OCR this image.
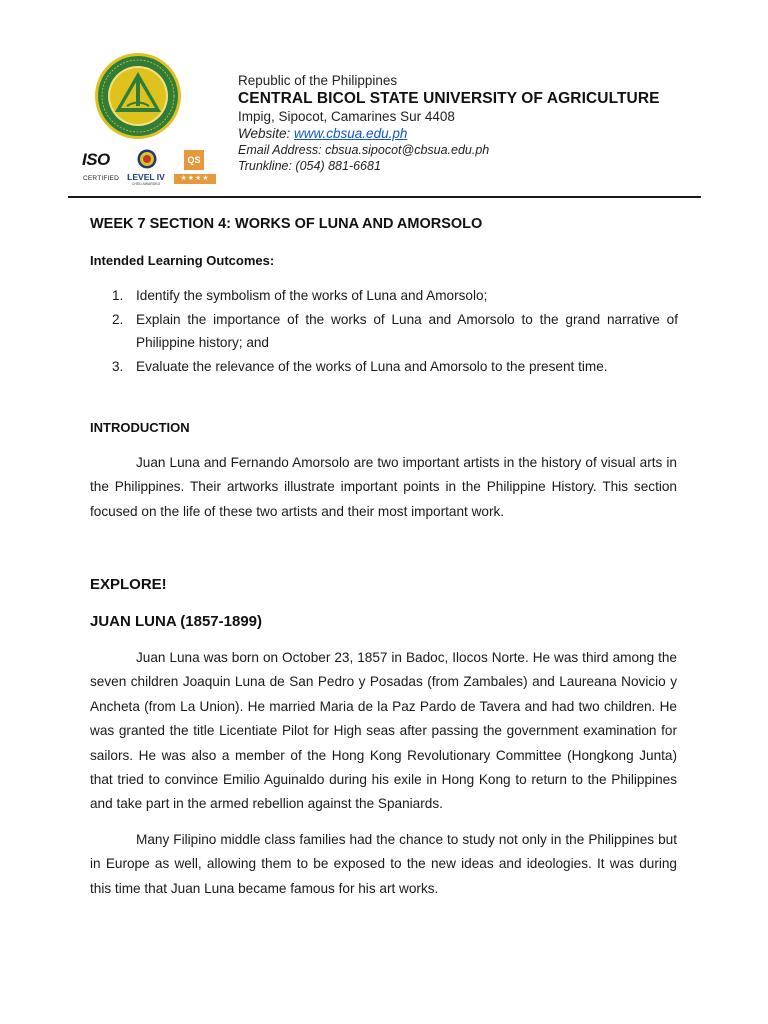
ISO
CERTIFIED LEVEL IV
CHED AWARDED
QS
★★★★
Republic of the Philippines
CENTRAL BICOL STATE UNIVERSITY OF AGRICULTURE
Impig, Sipocot, Camarines Sur 4408
Website: www.cbsua.edu.ph
Email Address: cbsua.sipocot@cbsua.edu.ph
Trunkline: (054) 881-6681
WEEK 7 SECTION 4: WORKS OF LUNA AND AMORSOLO
Intended Learning Outcomes:
1. Identify the symbolism of the works of Luna and Amorsolo;
2. Explain the importance of the works of Luna and Amorsolo to the grand narrative of Philippine history; and
3. Evaluate the relevance of the works of Luna and Amorsolo to the present time.
INTRODUCTION
Juan Luna and Fernando Amorsolo are two important artists in the history of visual arts in the Philippines. Their artworks illustrate important points in the Philippine History. This section focused on the life of these two artists and their most important work.
EXPLORE!
JUAN LUNA (1857-1899)
Juan Luna was born on October 23, 1857 in Badoc, Ilocos Norte. He was third among the seven children Joaquin Luna de San Pedro y Posadas (from Zambales) and Laureana Novicio y Ancheta (from La Union). He married Maria de la Paz Pardo de Tavera and had two children. He was granted the title Licentiate Pilot for High seas after passing the government examination for sailors. He was also a member of the Hong Kong Revolutionary Committee (Hongkong Junta) that tried to convince Emilio Aguinaldo during his exile in Hong Kong to return to the Philippines and take part in the armed rebellion against the Spaniards.
Many Filipino middle class families had the chance to study not only in the Philippines but in Europe as well, allowing them to be exposed to the new ideas and ideologies. It was during this time that Juan Luna became famous for his art works.
